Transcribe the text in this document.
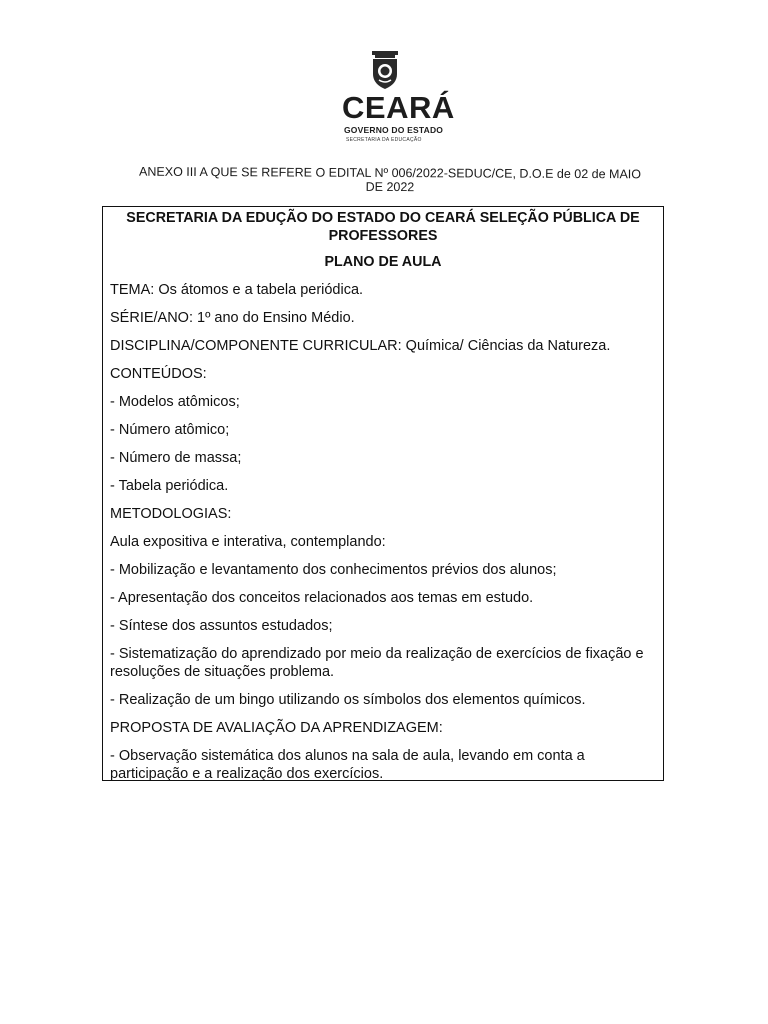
CEARÁ
GOVERNO DO ESTADO
SECRETARIA DA EDUCAÇÃO
ANEXO III A QUE SE REFERE O EDITAL Nº 006/2022-SEDUC/CE, D.O.E de 02 de MAIO DE 2022

SECRETARIA DA EDUÇÃO DO ESTADO DO CEARÁ SELEÇÃO PÚBLICA DE PROFESSORES

PLANO DE AULA

TEMA: Os átomos e a tabela periódica.

SÉRIE/ANO: 1º ano do Ensino Médio.

DISCIPLINA/COMPONENTE CURRICULAR: Química/ Ciências da Natureza.

CONTEÚDOS:

- Modelos atômicos;

- Número atômico;

- Número de massa;

- Tabela periódica.

METODOLOGIAS:

Aula expositiva e interativa, contemplando:

- Mobilização e levantamento dos conhecimentos prévios dos alunos;

- Apresentação dos conceitos relacionados aos temas em estudo.

- Síntese dos assuntos estudados;

- Sistematização do aprendizado por meio da realização de exercícios de fixação e resoluções de situações problema.

- Realização de um bingo utilizando os símbolos dos elementos químicos.

PROPOSTA DE AVALIAÇÃO DA APRENDIZAGEM:

- Observação sistemática dos alunos na sala de aula, levando em conta a participação e a realização dos exercícios.
